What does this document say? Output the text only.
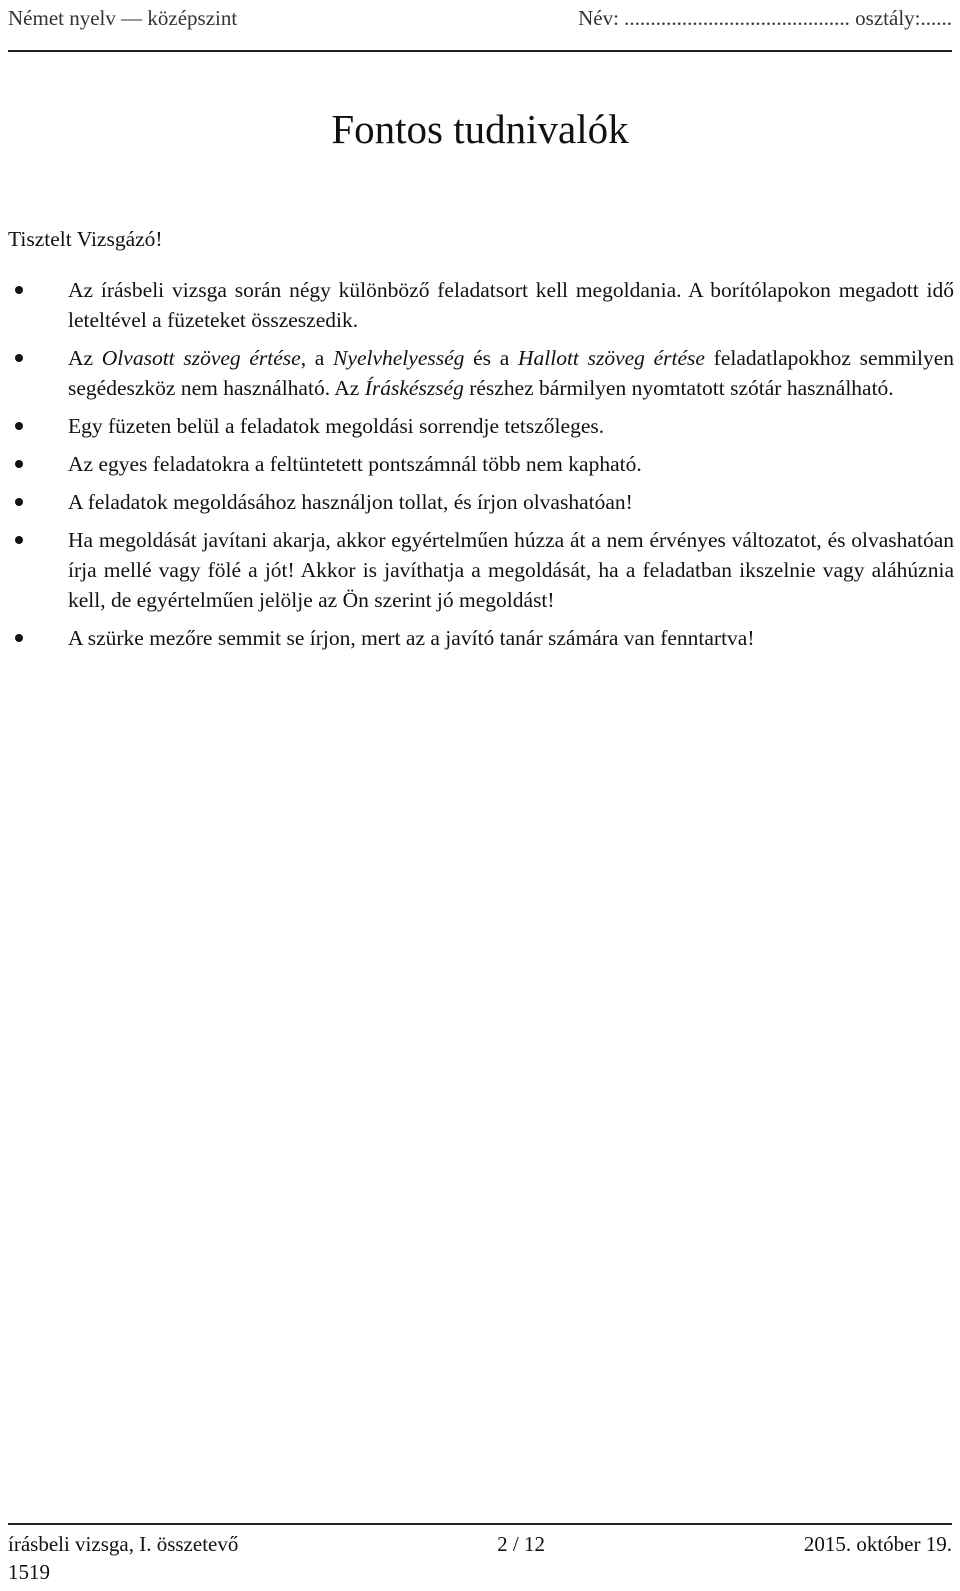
Német nyelv — középszint	Név: ........................................... osztály:......
Fontos tudnivalók
Tisztelt Vizsgázó!
Az írásbeli vizsga során négy különböző feladatsort kell megoldania. A borítólapokon megadott idő leteltével a füzeteket összeszedik.
Az Olvasott szöveg értése, a Nyelvhelyesség és a Hallott szöveg értése feladatlapokhoz semmilyen segédeszköz nem használható. Az Íráskészség részhez bármilyen nyomtatott szótár használható.
Egy füzeten belül a feladatok megoldási sorrendje tetszőleges.
Az egyes feladatokra a feltüntetett pontszámnál több nem kapható.
A feladatok megoldásához használjon tollat, és írjon olvashatóan!
Ha megoldását javítani akarja, akkor egyértelműen húzza át a nem érvényes változatot, és olvashatóan írja mellé vagy fölé a jót! Akkor is javíthatja a megoldását, ha a feladatban ikszelnie vagy aláhúznia kell, de egyértelműen jelölje az Ön szerint jó megoldást!
A szürke mezőre semmit se írjon, mert az a javító tanár számára van fenntartva!
írásbeli vizsga, I. összetevő	2 / 12	2015. október 19.
1519
